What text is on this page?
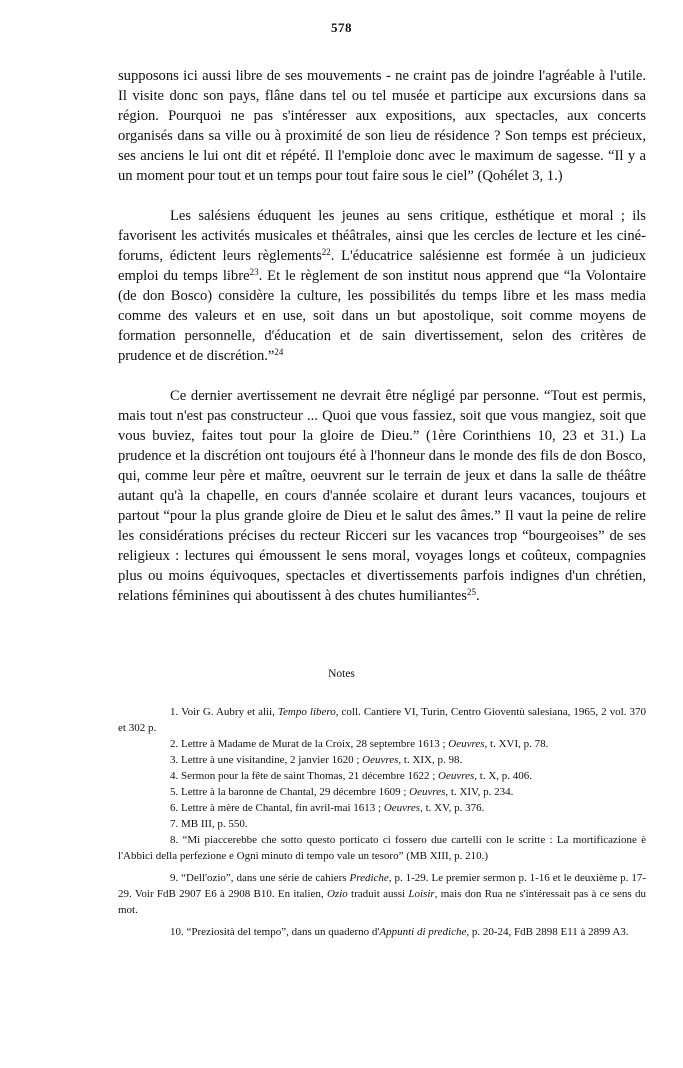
578

supposons ici aussi libre de ses mouvements - ne craint pas de joindre l'agréable à l'utile. Il visite donc son pays, flâne dans tel ou tel musée et participe aux excursions dans sa région. Pourquoi ne pas s'intéresser aux expositions, aux spectacles, aux concerts organisés dans sa ville ou à proximité de son lieu de résidence ? Son temps est précieux, ses anciens le lui ont dit et répété. Il l'emploie donc avec le maximum de sagesse. “Il y a un moment pour tout et un temps pour tout faire sous le ciel” (Qohélet 3, 1.)

Les salésiens éduquent les jeunes au sens critique, esthétique et moral ; ils favorisent les activités musicales et théâtrales, ainsi que les cercles de lecture et les ciné-forums, édictent leurs règlements$^{22}$. L'éducatrice salésienne est formée à un judicieux emploi du temps libre$^{23}$. Et le règlement de son institut nous apprend que “la Volontaire (de don Bosco) considère la culture, les possibilités du temps libre et les mass media comme des valeurs et en use, soit dans un but apostolique, soit comme moyens de formation personnelle, d'éducation et de sain divertissement, selon des critères de prudence et de discrétion.”$^{24}$

Ce dernier avertissement ne devrait être négligé par personne. “Tout est permis, mais tout n'est pas constructeur ... Quoi que vous fassiez, soit que vous mangiez, soit que vous buviez, faites tout pour la gloire de Dieu.” (1ère Corinthiens 10, 23 et 31.) La prudence et la discrétion ont toujours été à l'honneur dans le monde des fils de don Bosco, qui, comme leur père et maître, oeuvrent sur le terrain de jeux et dans la salle de théâtre autant qu'à la chapelle, en cours d'année scolaire et durant leurs vacances, toujours et partout “pour la plus grande gloire de Dieu et le salut des âmes.” Il vaut la peine de relire les considérations précises du recteur Ricceri sur les vacances trop “bourgeoises” de ses religieux : lectures qui émoussent le sens moral, voyages longs et coûteux, compagnies plus ou moins équivoques, spectacles et divertissements parfois indignes d'un chrétien, relations féminines qui aboutissent à des chutes humiliantes$^{25}$.

Notes

1. Voir G. Aubry et alii, Tempo libero, coll. Cantiere VI, Turin, Centro Gioventù salesiana, 1965, 2 vol. 370 et 302 p.

2. Lettre à Madame de Murat de la Croix, 28 septembre 1613 ; Oeuvres, t. XVI, p. 78.

3. Lettre à une visitandine, 2 janvier 1620 ; Oeuvres, t. XIX, p. 98.

4. Sermon pour la fête de saint Thomas, 21 décembre 1622 ; Oeuvres, t. X, p. 406.

5. Lettre à la baronne de Chantal, 29 décembre 1609 ; Oeuvres, t. XIV, p. 234.

6. Lettre à mère de Chantal, fin avril-mai 1613 ; Oeuvres, t. XV, p. 376.

7. MB III, p. 550.

8. “Mi piaccerebbe che sotto questo porticato ci fossero due cartelli con le scritte : La mortificazione è l'Abbici della perfezione e Ogni minuto di tempo vale un tesoro” (MB XIII, p. 210.)

9. “Dell'ozio”, dans une série de cahiers Prediche, p. 1-29. Le premier sermon p. 1-16 et le deuxième p. 17-29. Voir FdB 2907 E6 à 2908 B10. En italien, Ozio traduit aussi Loisir, mais don Rua ne s'intéressait pas à ce sens du mot.

10. “Preziosità del tempo”, dans un quaderno d'Appunti di prediche, p. 20-24, FdB 2898 E11 à 2899 A3.
